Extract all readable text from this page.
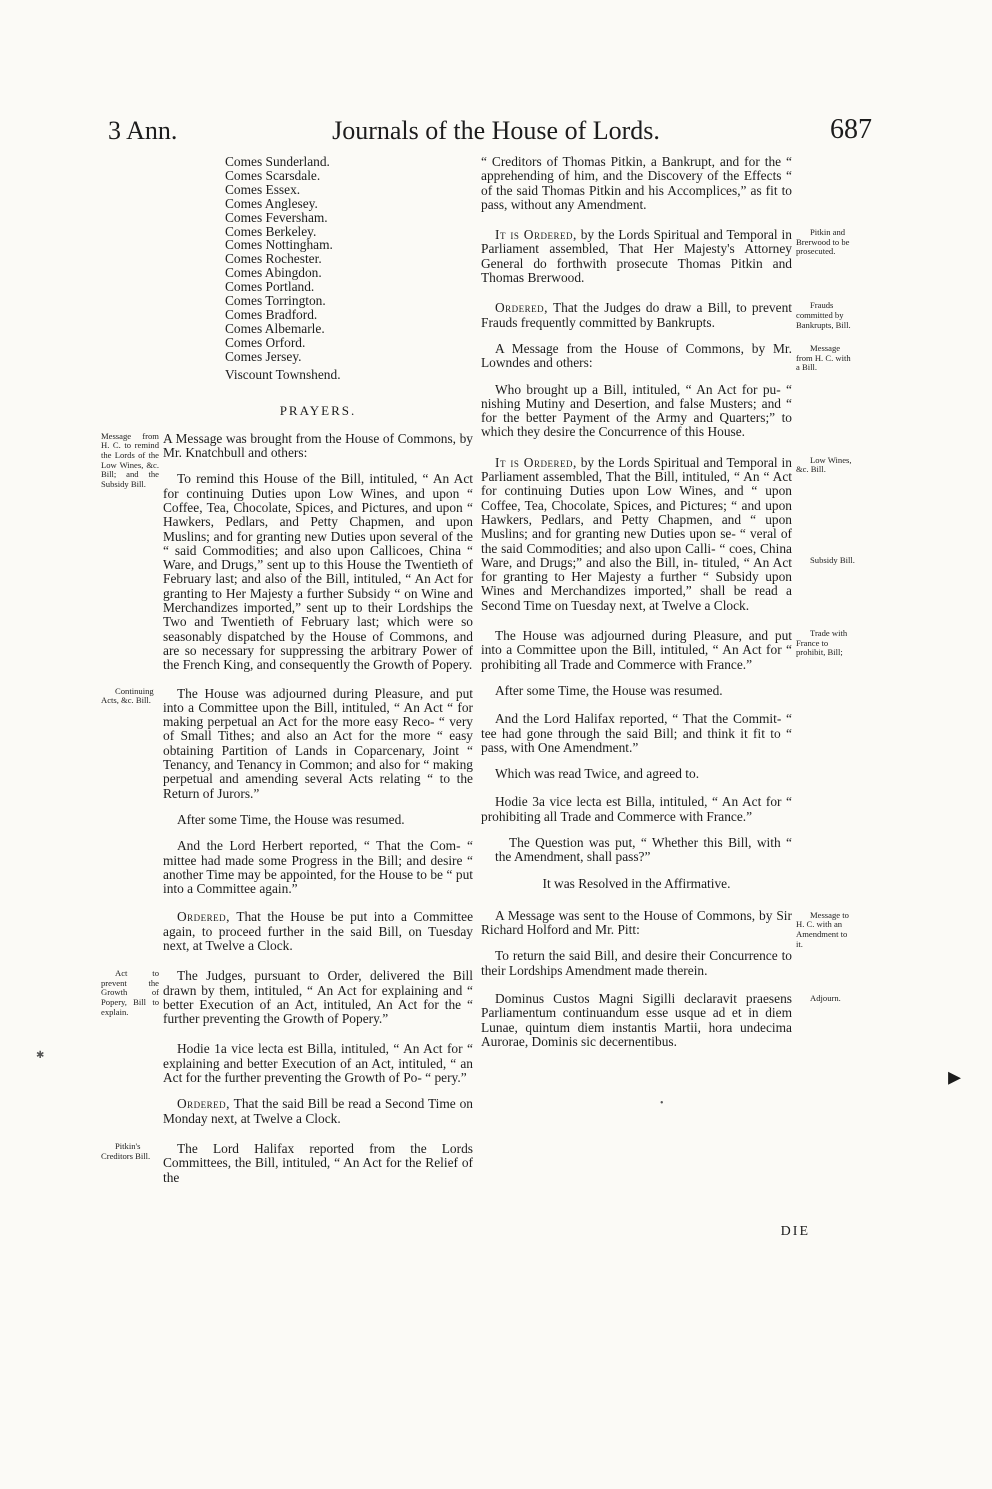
3 Ann.	Journals of the House of Lords.	687
Comes Sunderland.
Comes Scarsdale.
Comes Essex.
Comes Anglesey.
Comes Feversham.
Comes Berkeley.
Comes Nottingham.
Comes Rochester.
Comes Abingdon.
Comes Portland.
Comes Torrington.
Comes Bradford.
Comes Albemarle.
Comes Orford.
Comes Jersey.
Viscount Townshend.
PRAYERS.

Message from H. C. to remind the Lords of the Low Wines, &c. Bill; and the Subsidy Bill.
A Message was brought from the House of Commons, by Mr. Knatchbull and others:

To remind this House of the Bill, intituled, “ An Act for continuing Duties upon Low Wines, and upon “ Coffee, Tea, Chocolate, Spices, and Pictures, and upon “ Hawkers, Pedlars, and Petty Chapmen, and upon Muslins; and for granting new Duties upon several of the “ said Commodities; and also upon Callicoes, China “ Ware, and Drugs,” sent up to this House the Twentieth of February last; and also of the Bill, intituled, “ An Act for granting to Her Majesty a further Subsidy “ on Wine and Merchandizes imported,” sent up to their Lordships the Two and Twentieth of February last; which were so seasonably dispatched by the House of Commons, and are so necessary for suppressing the arbitrary Power of the French King, and consequently the Growth of Popery.

Continuing Acts, &c. Bill.	The House was adjourned during Pleasure, and put into a Committee upon the Bill, intituled, “ An Act “ for making perpetual an Act for the more easy Reco- “ very of Small Tithes; and also an Act for the more “ easy obtaining Partition of Lands in Coparcenary, Joint “ Tenancy, and Tenancy in Common; and also for “ making perpetual and amending several Acts relating “ to the Return of Jurors.”

After some Time, the House was resumed.

And the Lord Herbert reported, “ That the Com- “ mittee had made some Progress in the Bill; and desire “ another Time may be appointed, for the House to be “ put into a Committee again.”

Ordered, That the House be put into a Committee again, to proceed further in the said Bill, on Tuesday next, at Twelve a Clock.

Act to prevent the Growth of Popery, Bill to explain.
The Judges, pursuant to Order, delivered the Bill drawn by them, intituled, “ An Act for explaining and “ better Execution of an Act, intituled, An Act for the “ further preventing the Growth of Popery.”

Hodie 1a vice lecta est Billa, intituled, “ An Act for “ explaining and better Execution of an Act, intituled, “ an Act for the further preventing the Growth of Po- “ pery.”

Ordered, That the said Bill be read a Second Time on Monday next, at Twelve a Clock.

Pitkin's Creditors Bill.	The Lord Halifax reported from the Lords Committees, the Bill, intituled, “ An Act for the Relief of the

“ Creditors of Thomas Pitkin, a Bankrupt, and for the “ apprehending of him, and the Discovery of the Effects “ of the said Thomas Pitkin and his Accomplices,” as fit to pass, without any Amendment.

Pitkin and Brerwood to be prosecuted.
It is Ordered, by the Lords Spiritual and Temporal in Parliament assembled, That Her Majesty's Attorney General do forthwith prosecute Thomas Pitkin and Thomas Brerwood.

Frauds committed by Bankrupts, Bill.
Ordered, That the Judges do draw a Bill, to prevent Frauds frequently committed by Bankrupts.

Message from H. C. with a Bill.
A Message from the House of Commons, by Mr. Lowndes and others:

Who brought up a Bill, intituled, “ An Act for pu- “ nishing Mutiny and Desertion, and false Musters; and “ for the better Payment of the Army and Quarters;” to which they desire the Concurrence of this House.

Low Wines, &c. Bill.
Subsidy Bill.
It is Ordered, by the Lords Spiritual and Temporal in Parliament assembled, That the Bill, intituled, “ An “ Act for continuing Duties upon Low Wines, and “ upon Coffee, Tea, Chocolate, Spices, and Pictures; “ and upon Hawkers, Pedlars, and Petty Chapmen, and “ upon Muslins; and for granting new Duties upon se- “ veral of the said Commodities; and also upon Calli- “ coes, China Ware, and Drugs;” and also the Bill, in- tituled, “ An Act for granting to Her Majesty a further “ Subsidy upon Wines and Merchandizes imported,” shall be read a Second Time on Tuesday next, at Twelve a Clock.

Trade with France to prohibit, Bill;
The House was adjourned during Pleasure, and put into a Committee upon the Bill, intituled, “ An Act for “ prohibiting all Trade and Commerce with France.”

After some Time, the House was resumed.

And the Lord Halifax reported, “ That the Commit- “ tee had gone through the said Bill; and think it fit to “ pass, with One Amendment.”

Which was read Twice, and agreed to.

Hodie 3a vice lecta est Billa, intituled, “ An Act for “ prohibiting all Trade and Commerce with France.”

The Question was put, “ Whether this Bill, with “ the Amendment, shall pass?”

It was Resolved in the Affirmative.

Message to H. C. with an Amendment to it.
A Message was sent to the House of Commons, by Sir Richard Holford and Mr. Pitt:

To return the said Bill, and desire their Concurrence to their Lordships Amendment made therein.

Adjourn.
Dominus Custos Magni Sigilli declaravit praesens Parliamentum continuandum esse usque ad et in diem Lunae, quintum diem instantis Martii, hora undecima Aurorae, Dominis sic decernentibus.

DIE
▸
✱
•
